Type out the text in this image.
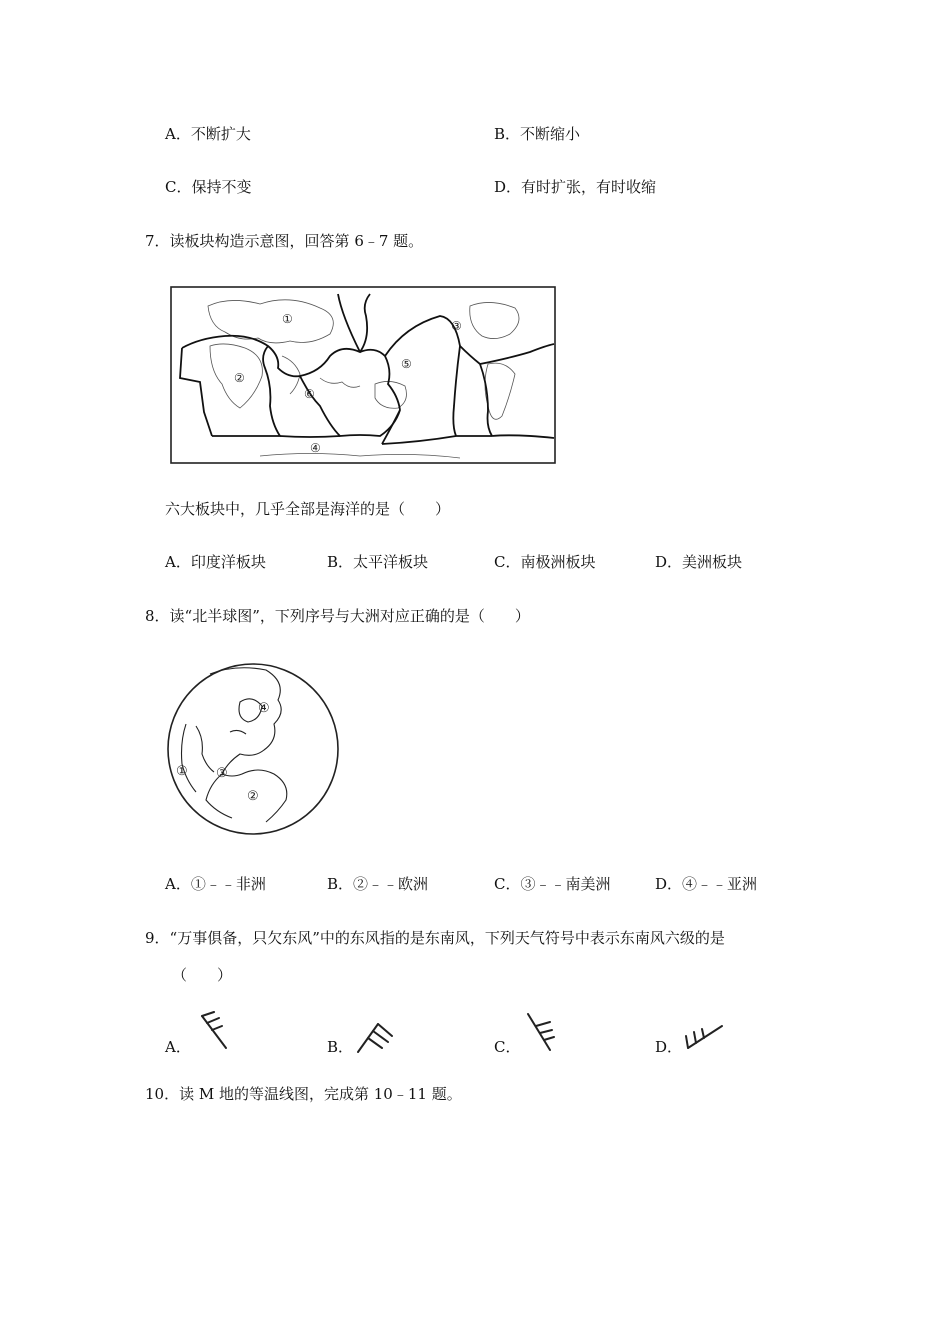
A．不断扩大	B．不断缩小
C．保持不变	D．有时扩张，有时收缩
7．读板块构造示意图，回答第 6﹣7 题。
①
②
③
④
⑤
⑥
六大板块中，几乎全部是海洋的是（　　）
A．印度洋板块	B．太平洋板块	C．南极洲板块	D．美洲板块
8．读“北半球图”，下列序号与大洲对应正确的是（　　）
①
②
③
④
A．①﹣﹣非洲	B．②﹣﹣欧洲	C．③﹣﹣南美洲	D．④﹣﹣亚洲
9．“万事俱备，只欠东风”中的东风指的是东南风，下列天气符号中表示东南风六级的是
（　　）
A．	B．	C．	D．
10．读 M 地的等温线图，完成第 10﹣11 题。
